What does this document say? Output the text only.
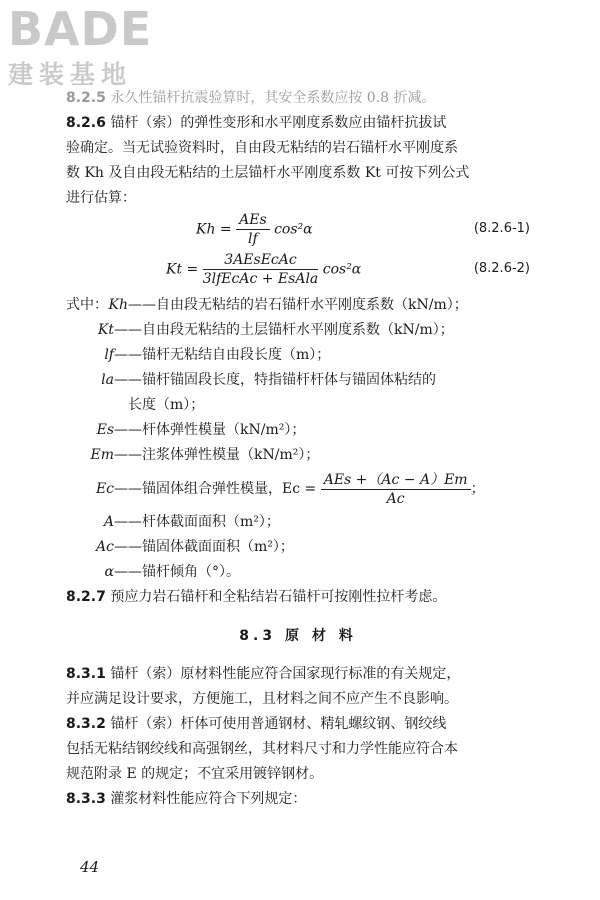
BADE
建装基地
8.2.5 永久性锚杆抗震验算时，其安全系数应按 0.8 折减。
8.2.6 锚杆（索）的弹性变形和水平刚度系数应由锚杆抗拔试
验确定。当无试验资料时，自由段无粘结的岩石锚杆水平刚度系
数 Kh 及自由段无粘结的土层锚杆水平刚度系数 Kt 可按下列公式
进行估算：
$Kh = \frac{\text{AEs}}{lf} \cos^2\alpha$	(8.2.6-1)
$Kt = \frac{\text{3AEsEcAc}}{\text{3lfEcAc + EsAla}} \cos^2\alpha$	(8.2.6-2)
式中：Kh——自由段无粘结的岩石锚杆水平刚度系数（kN/m）；
Kt——自由段无粘结的土层锚杆水平刚度系数（kN/m）；
lf——锚杆无粘结自由段长度（m）；
la——锚杆锚固段长度，特指锚杆杆体与锚固体粘结的
长度（m）；
Es——杆体弹性模量（kN/m²）；
Em——注浆体弹性模量（kN/m²）；
Ec——锚固体组合弹性模量，$Ec = \frac{\text{AEs +（Ac − A）Em}}{Ac}$ ；
A——杆体截面面积（m²）；
Ac——锚固体截面面积（m²）；
α——锚杆倾角（°）。
8.2.7 预应力岩石锚杆和全粘结岩石锚杆可按刚性拉杆考虑。
8.3 原 材 料
8.3.1 锚杆（索）原材料性能应符合国家现行标准的有关规定，
并应满足设计要求，方便施工，且材料之间不应产生不良影响。
8.3.2 锚杆（索）杆体可使用普通钢材、精轧螺纹钢、钢绞线
包括无粘结钢绞线和高强钢丝，其材料尺寸和力学性能应符合本
规范附录 E 的规定；不宜采用镀锌钢材。
8.3.3 灌浆材料性能应符合下列规定：
44
